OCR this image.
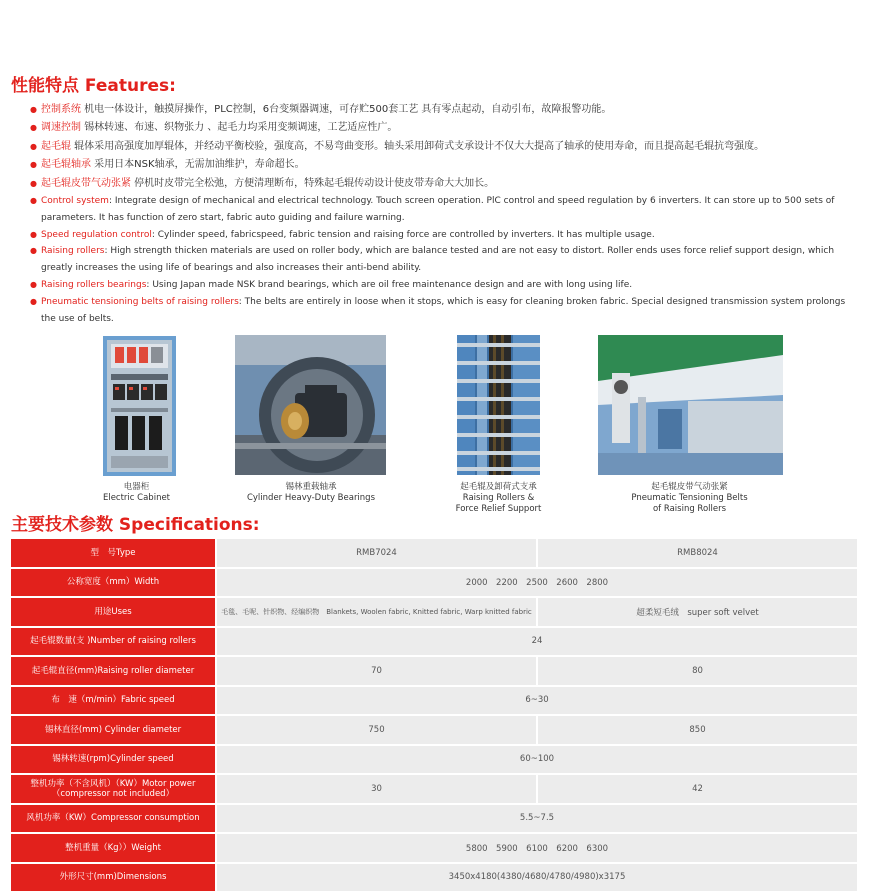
性能特点 Features:
● 控制系统 机电一体设计，触摸屏操作，PLC控制，6台变频器调速，可存贮500套工艺 具有零点起动，自动引布，故障报警功能。
● 调速控制 锡林转速、布速、织物张力 、起毛力均采用变频调速，工艺适应性广。
● 起毛辊 辊体采用高强度加厚辊体，并经动平衡校验，强度高，不易弯曲变形。轴头采用卸荷式支承设计不仅大大提高了轴承的使用寿命，而且提高起毛辊抗弯强度。
● 起毛辊轴承 采用日本NSK轴承，无需加油维护，寿命超长。
● 起毛辊皮带气动张紧 停机时皮带完全松弛，方便清理断布，特殊起毛辊传动设计使皮带寿命大大加长。
● Control system: Integrate design of mechanical and electrical technology. Touch screen operation. PlC control and speed regulation by 6 inverters. It can store up to 500 sets of parameters. It has function of zero start, fabric auto guiding and failure warning.
● Speed regulation control: Cylinder speed, fabricspeed, fabric tension and raising force are controlled by inverters. It has multiple usage.
● Raising rollers: High strength thicken materials are used on roller body, which are balance tested and are not easy to distort. Roller ends uses force relief support design, which greatly increases the using life of bearings and also increases their anti-bend ability.
● Raising rollers bearings: Using Japan made NSK brand bearings, which are oil free maintenance design and are with long using life.
● Pneumatic tensioning belts of raising rollers: The belts are entirely in loose when it stops, which is easy for cleaning broken fabric. Special designed transmission system prolongs the use of belts.
电器柜
Electric Cabinet
锡林重载轴承
Cylinder Heavy-Duty Bearings
起毛辊及卸荷式支承
Raising Rollers &
Force Relief Support
起毛辊皮带气动张紧
Pneumatic Tensioning Belts
of Raising Rollers
主要技术参数 Specifications:
型　号Type	RMB7024	RMB8024
公称宽度（mm）Width	2000　2200　2500　2600　2800	
用途Uses	毛毯、毛呢、针织物、经编织物　Blankets, Woolen fabric, Knitted fabric, Warp knitted fabric	超柔短毛绒　super soft velvet
起毛辊数量(支 )Number of raising rollers	24	
起毛辊直径(mm)Raising roller diameter	70	80
布　速（m/min）Fabric speed	6~30	
锡林直径(mm) Cylinder diameter	750	850
锡林转速(rpm)Cylinder speed	60~100	
整机功率（不含风机）（KW）Motor power
（compressor not included）	30	42
风机功率（KW）Compressor consumption	5.5~7.5	
整机重量（Kg））Weight	5800　5900　6100　6200　6300	
外形尺寸(mm)Dimensions	3450x4180(4380/4680/4780/4980)x3175	
